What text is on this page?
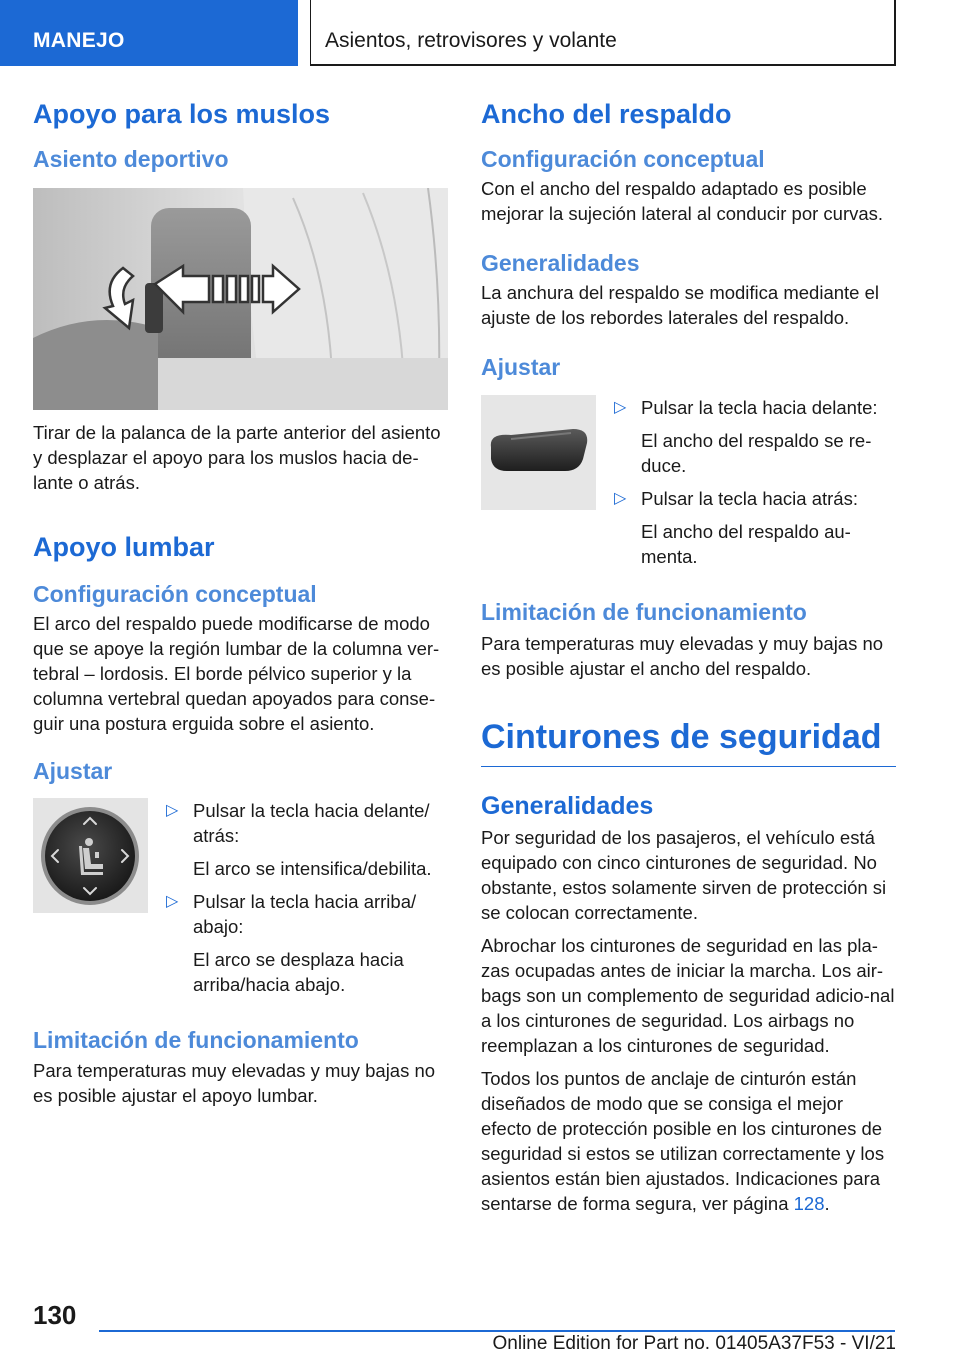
MANEJO	Asientos, retrovisores y volante
Apoyo para los muslos
Asiento deportivo

Tirar de la palanca de la parte anterior del asiento y desplazar el apoyo para los muslos hacia de‐lante o atrás.

Apoyo lumbar
Configuración conceptual

El arco del respaldo puede modificarse de modo que se apoye la región lumbar de la columna ver‐tebral – lordosis. El borde pélvico superior y la columna vertebral quedan apoyados para conse‐guir una postura erguida sobre el asiento.

Ajustar
▷ Pulsar la tecla hacia delante/ atrás:

El arco se intensifica/debilita.

▷ Pulsar la tecla hacia arriba/ abajo:

El arco se desplaza hacia arriba/hacia abajo.

Limitación de funcionamiento

Para temperaturas muy elevadas y muy bajas no es posible ajustar el apoyo lumbar.

Ancho del respaldo
Configuración conceptual

Con el ancho del respaldo adaptado es posible mejorar la sujeción lateral al conducir por curvas.

Generalidades

La anchura del respaldo se modifica mediante el ajuste de los rebordes laterales del respaldo.

Ajustar
▷ Pulsar la tecla hacia delante:

El ancho del respaldo se re‐duce.

▷ Pulsar la tecla hacia atrás:

El ancho del respaldo au‐menta.

Limitación de funcionamiento

Para temperaturas muy elevadas y muy bajas no es posible ajustar el ancho del respaldo.

Cinturones de seguridad
Generalidades

Por seguridad de los pasajeros, el vehículo está equipado con cinco cinturones de seguridad. No obstante, estos solamente sirven de protección si se colocan correctamente.

Abrochar los cinturones de seguridad en las pla‐zas ocupadas antes de iniciar la marcha. Los air‐bags son un complemento de seguridad adicio‐nal a los cinturones de seguridad. Los airbags no reemplazan a los cinturones de seguridad.

Todos los puntos de anclaje de cinturón están diseñados de modo que se consiga el mejor efecto de protección posible en los cinturones de seguridad si estos se utilizan correctamente y los asientos están bien ajustados. Indicaciones para sentarse de forma segura, ver página 128.

130
Online Edition for Part no. 01405A37F53 - VI/21
